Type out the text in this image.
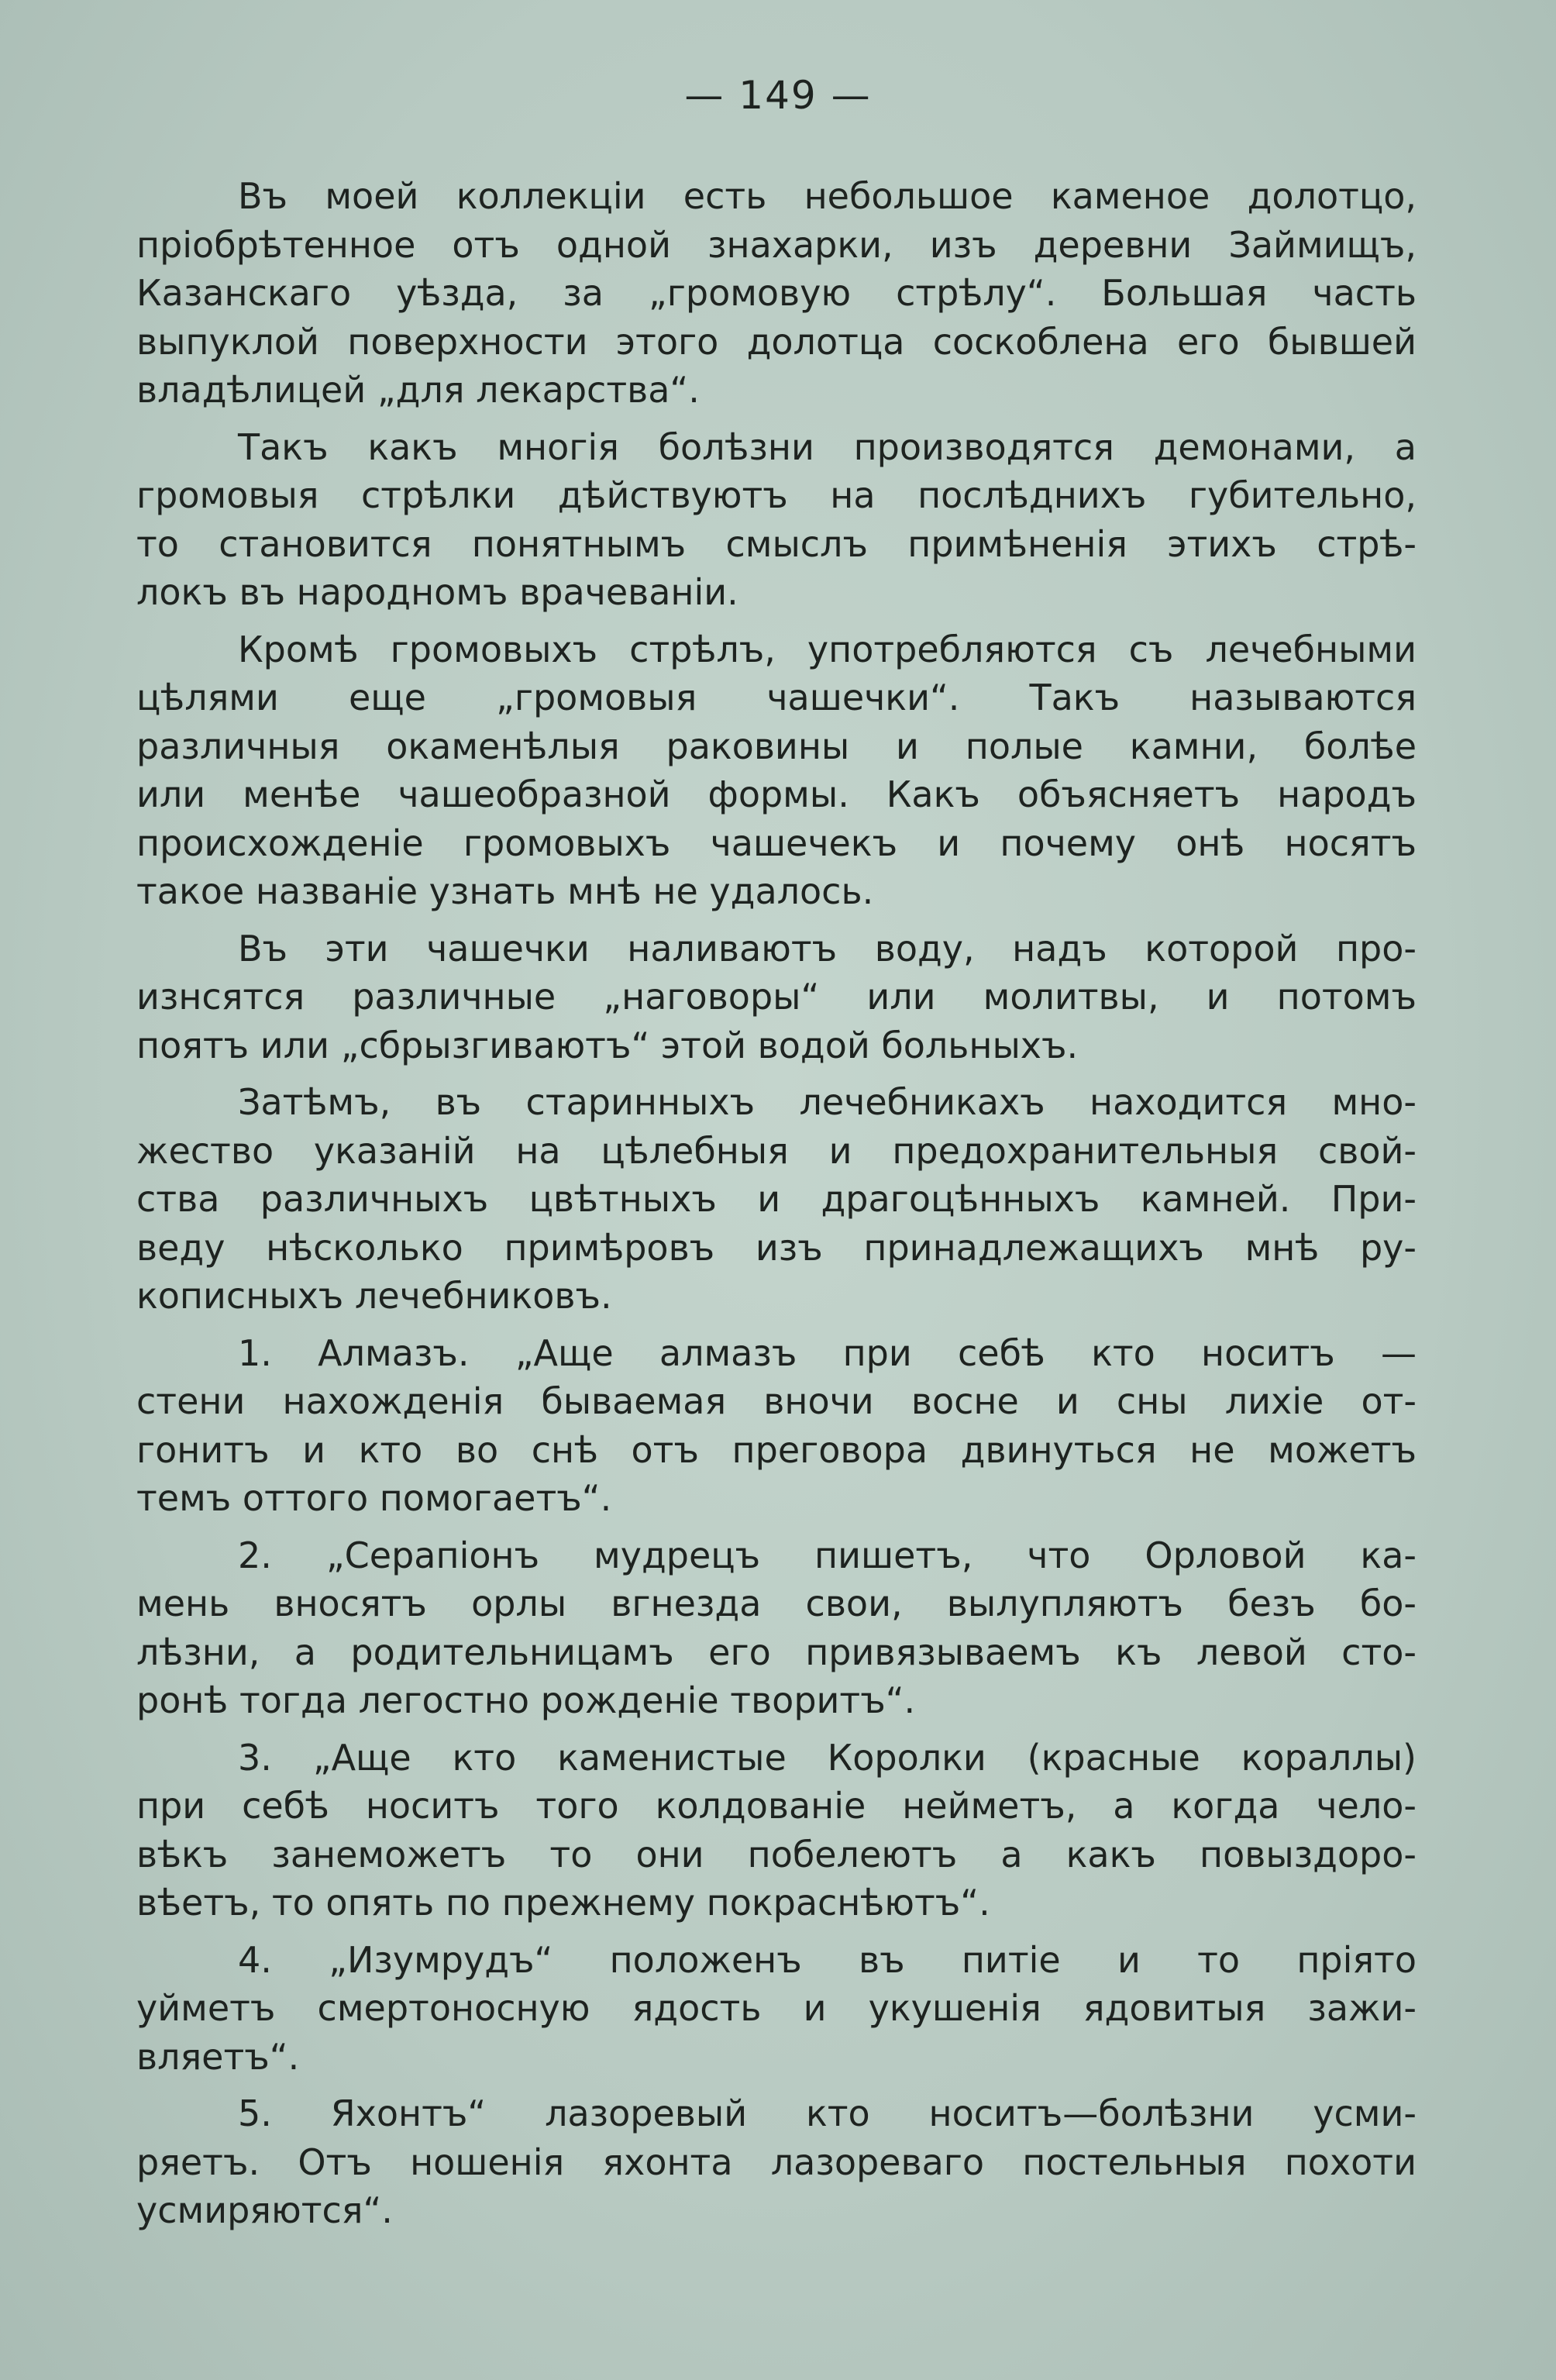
— 149 —
Въ моей коллекціи есть небольшое каменое долотцо,
пріобрѣтенное отъ одной знахарки, изъ деревни Займищъ,
Казанскаго уѣзда, за „громовую стрѣлу“. Большая часть
выпуклой поверхности этого долотца соскоблена его бывшей
владѣлицей „для лекарства“.
Такъ какъ многія болѣзни производятся демонами, а
громовыя стрѣлки дѣйствуютъ на послѣднихъ губительно,
то становится понятнымъ смыслъ примѣненія этихъ стрѣ-
локъ въ народномъ врачеваніи.
Кромѣ громовыхъ стрѣлъ, употребляются съ лечебными
цѣлями еще „громовыя чашечки“. Такъ называются
различныя окаменѣлыя раковины и полые камни, болѣе
или менѣе чашеобразной формы. Какъ объясняетъ народъ
происхожденіе громовыхъ чашечекъ и почему онѣ носятъ
такое названіе узнать мнѣ не удалось.
Въ эти чашечки наливаютъ воду, надъ которой про-
изнсятся различные „наговоры“ или молитвы, и потомъ
поятъ или „сбрызгиваютъ“ этой водой больныхъ.
Затѣмъ, въ старинныхъ лечебникахъ находится мно-
жество указаній на цѣлебныя и предохранительныя свой-
ства различныхъ цвѣтныхъ и драгоцѣнныхъ камней. При-
веду нѣсколько примѣровъ изъ принадлежащихъ мнѣ ру-
кописныхъ лечебниковъ.
1. Алмазъ. „Аще алмазъ при себѣ кто носитъ —
стени нахожденія бываемая вночи восне и сны лихіе от-
гонитъ и кто во снѣ отъ преговора двинуться не можетъ
темъ оттого помогаетъ“.
2. „Серапіонъ мудрецъ пишетъ, что Орловой ка-
мень вносятъ орлы вгнезда свои, вылупляютъ безъ бо-
лѣзни, а родительницамъ его привязываемъ къ левой сто-
ронѣ тогда легостно рожденіе творитъ“.
3. „Аще кто каменистые Королки (красные кораллы)
при себѣ носитъ того колдованіе нейметъ, а когда чело-
вѣкъ занеможетъ то они побелеютъ а какъ повыздоро-
вѣетъ, то опять по прежнему покраснѣютъ“.
4. „Изумрудъ“ положенъ въ питіе и то пріято
уйметъ смертоносную ядость и укушенія ядовитыя зажи-
вляетъ“.
5. Яхонтъ“ лазоревый кто носитъ—болѣзни усми-
ряетъ. Отъ ношенія яхонта лазореваго постельныя похоти
усмиряются“.
